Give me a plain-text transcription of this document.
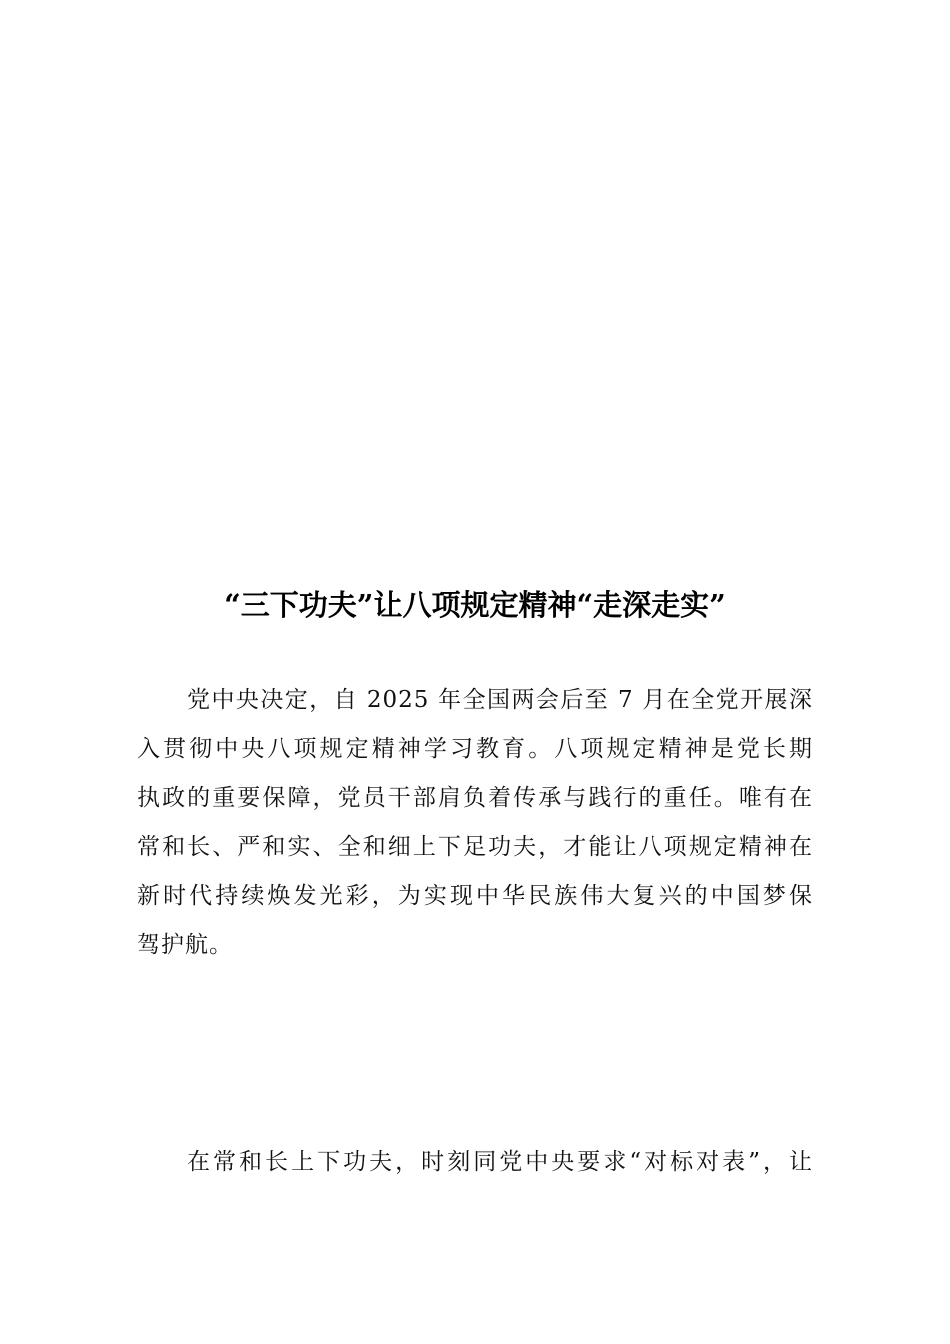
“三下功夫”让八项规定精神“走深走实”
党中央决定，自 2025 年全国两会后至 7 月在全党开展深
入贯彻中央八项规定精神学习教育。八项规定精神是党长期
执政的重要保障，党员干部肩负着传承与践行的重任。唯有在
常和长、严和实、全和细上下足功夫，才能让八项规定精神在
新时代持续焕发光彩，为实现中华民族伟大复兴的中国梦保
驾护航。
在常和长上下功夫，时刻同党中央要求“对标对表”，让
